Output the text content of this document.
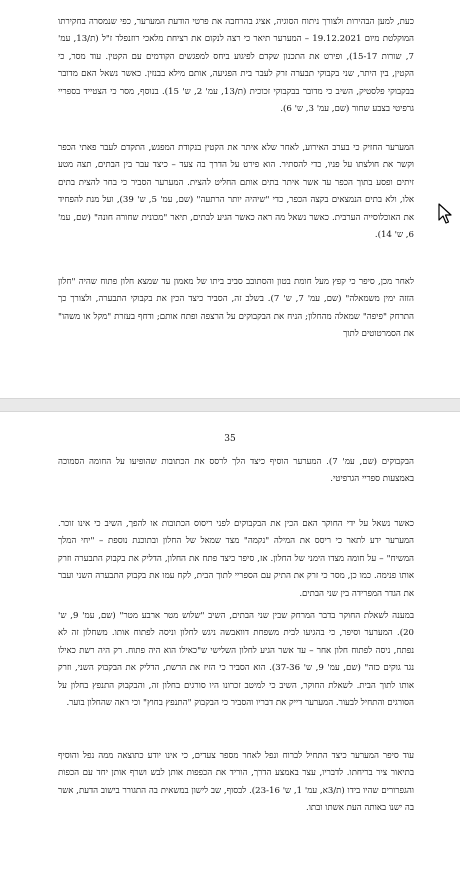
כעת, למען הבהירות ולצורך ניתוח הסוגיה, אציג בהרחבה את פרטי הודעת המערער, כפי שנמסרה בחקירתו המוקלטת מיום 19.12.2021 – המערער תיאר כי רצה לנקום את רציחת מלאכי רוזנפלד ז"ל (ת/13, עמ' 7, שורות 15-17), ופירט את התכנון שקדם לפיגוע ביחס למפגשים הקודמים עם הקטין. עוד מסר, כי הקטין, בין היתר, שני בקבוקי תבערה זרק לעבר בית הפגיעה, אותם מילא בבנזין. כאשר נשאל האם מדובר בבקבוקי פלסטיק, השיב כי מדובר בבקבוקי זכוכית (ת/13, עמ' 2, ש' 15). בנוסף, מסר כי הצטייד בספריי גרפיטי בצבע שחור (שם, עמ' 3, ש' 6).

המערער החזיק כי בערב האירוע, לאחר שלא איתר את הקטין בנקודת המפגש, התקדם לעבר פאתי הכפר וקשר את חולצתו על פניו, כדי להסתיר. הוא פירט על הדרך בה צעד – כיצד עבר בין הבתים, תצה מטע זיתים ופסע בתוך הכפר עד אשר איתר בתים אותם החליט להצית. המערער הסביר כי בחר להצית בתים אלו, ולא בתים הנמצאים בקצה הכפר, כדי "שיהיה יותר הרתעה" (שם, עמ' 5, ש' 39), ועל מנת להפחיד את האוכלוסייה הערבית. כאשר נשאל מה ראה כאשר הגיע לבתים, תיאר "מכונית שחורה חונה" (שם, עמ' 6, ש' 14).

לאחר מכן, סיפר כי קפץ מעל חומת בטון והסתובב סביב ביתו של מאמון עד שמצא חלון פתוח שהיה "חלון הזזה ימין משמאלה" (שם, עמ' 7, ש' 7). בשלב זה, הסביר כיצד הכין את בקבוקי התבערה, ולצורך כך התרחק "פיפה" שמאלה מהחלון; הניח את הבקבוקים על הרצפה ופתח אותם; ודחף בעזרת "מקל או משהו" את הסמרטוטים לתוך

35

הבקבוקים (שם, עמ' 7). המערער הוסיף כיצד הלך לרסס את הכתובות שהופיעו על החומה הסמוכה באמצעות ספריי הגרפיטי.

כאשר נשאל על ידי החוקר האם הכין את הבקבוקים לפני ריסוס הכתובות או להפך, השיב כי אינו זוכר. המערער ידע לתאר כי ריסס את המילה "נקמה" מצד שמאל של החלון ובתוכנת נוספת – "יחי המלך המשיח" – על חומה מצדו הימני של החלון. אז, סיפר כיצד פתח את החלון, הדליק את בקבוק התבערה וזרק אותו פנימה. כמו כן, מסר כי זרק את התיק עם הספריי לתוך הבית, לקח עמו את בקבוק התבערה השני ועבר את הגדר המפרידה בין שני הבתים.

במענה לשאלת החוקר בדבר המרחק שבין שני הבתים, השיב "שלוש מטר ארבע מטר" (שם, עמ' 9, ש' 20). המערער וסיפר, כי בהגיעו לבית משפחת דוואבשה ניגש לחלון וניסה לפתוח אותו. משחלון זה לא נפתח, ניסה לפתוח חלון אחר – עד אשר הגיע לחלון השלישי ש"כאילו הוא היה פתוח. רק היה רשת כאילו נגד גוקים כזה" (שם, עמ' 9, ש' 37-36). הוא הסביר כי הזיז את הרשת, הדליק את הבקבוק השני, וזרק אותו לתוך הבית. לשאלת החוקר, השיב כי למיטב זכרונו היו סורגים בחלון זה, והבקבוק התנפץ בחלון על הסורגים והתחיל לבעור. המערער דייק את דבריו והסביר כי הבקבוק "התנפץ בחוץ" וכי ראה שהחלון בוער.

עוד סיפר המערער כיצד התחיל לברוח ונפל לאחר מספר צעדים, כי אינו יודע כתוצאה ממה נפל והוסיף בתיאור ציר בריחתו. לדבריו, עצר באמצע הדרך, הוריד את הכפפות אותן לבש ושרף אותן יחד עם הכפות והגפרורים שהיו בידו (ת/3א, עמ' 1, ש' 23-16). לבסוף, שב לישון במשאית בה התגורר בישוב הדעת, אשר בה ישנו באותה העת אשתו ובתו.
